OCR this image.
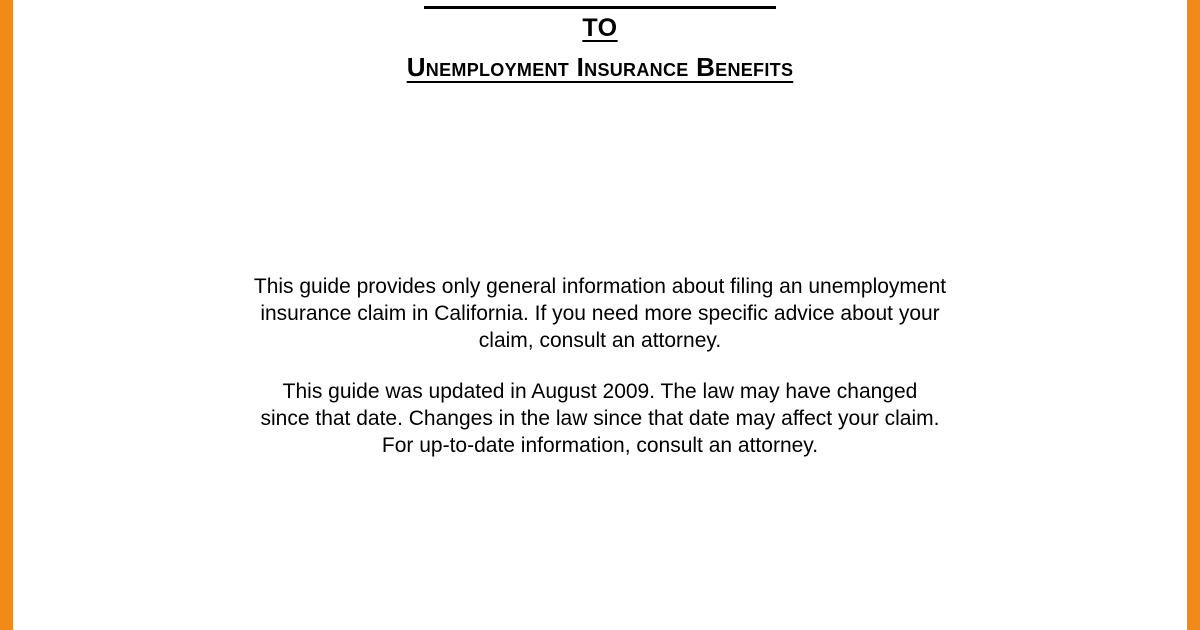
TO
Unemployment Insurance Benefits
This guide provides only general information about filing an unemployment
insurance claim in California. If you need more specific advice about your
claim, consult an attorney.
This guide was updated in August 2009. The law may have changed
since that date. Changes in the law since that date may affect your claim.
For up-to-date information, consult an attorney.
